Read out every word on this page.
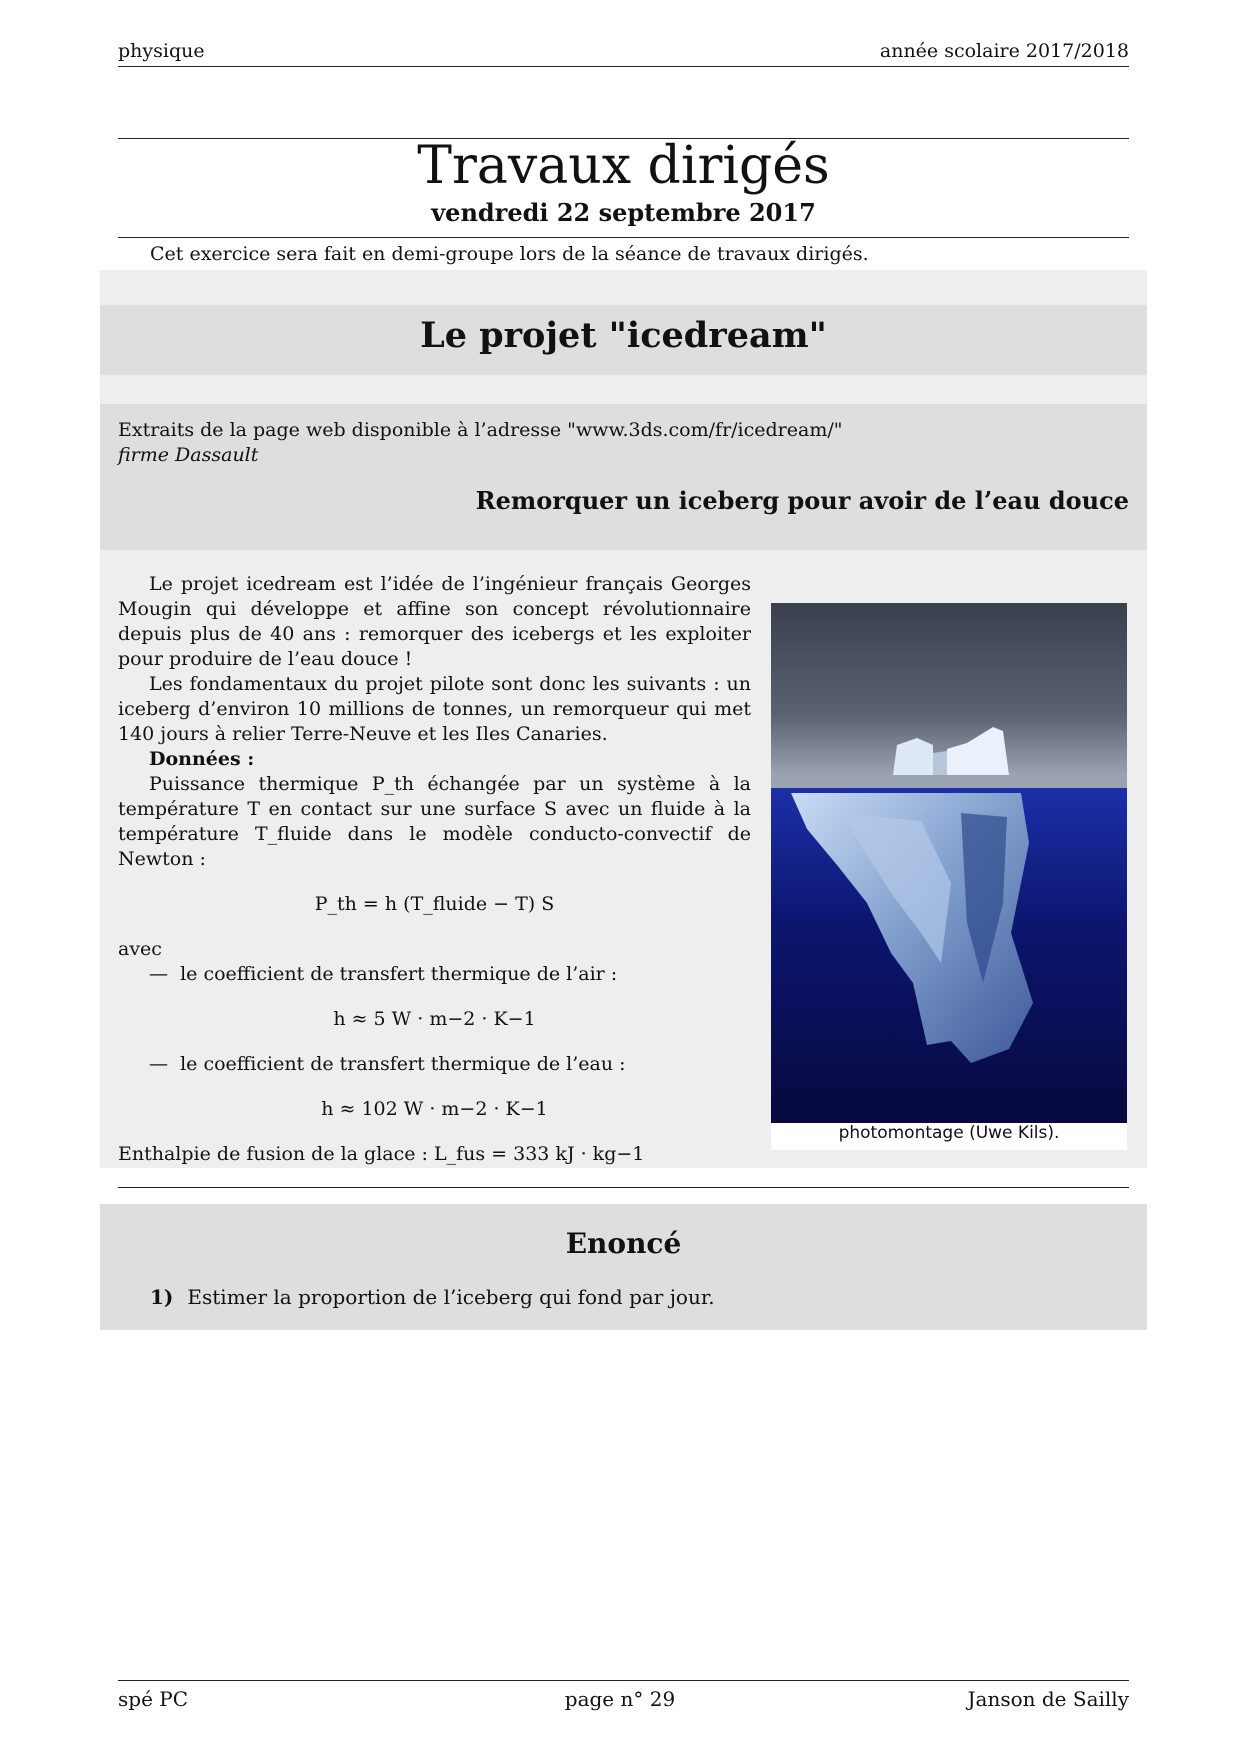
physique	année scolaire 2017/2018
Travaux dirigés
vendredi 22 septembre 2017
Cet exercice sera fait en demi-groupe lors de la séance de travaux dirigés.
Le projet "icedream"
Extraits de la page web disponible à l’adresse "www.3ds.com/fr/icedream/"
firme Dassault
Remorquer un iceberg pour avoir de l’eau douce

Le projet icedream est l’idée de l’ingénieur français Georges Mougin qui développe et affine son concept révolutionnaire depuis plus de 40 ans : remorquer des icebergs et les exploiter pour produire de l’eau douce !

Les fondamentaux du projet pilote sont donc les suivants : un iceberg d’environ 10 millions de tonnes, un remorqueur qui met 140 jours à relier Terre-Neuve et les Iles Canaries.

Données :

Puissance thermique P_th échangée par un système à la température T en contact sur une surface S avec un fluide à la température T_fluide dans le modèle conducto-convectif de Newton :

P_th = h (T_fluide − T) S

avec

—  le coefficient de transfert thermique de l’air :

h ≈ 5 W · m−2 · K−1

—  le coefficient de transfert thermique de l’eau :

h ≈ 102 W · m−2 · K−1

Enthalpie de fusion de la glace : L_fus = 333 kJ · kg−1

photomontage (Uwe Kils).
Enoncé
1) Estimer la proportion de l’iceberg qui fond par jour.
spé PC	page n° 29	Janson de Sailly
